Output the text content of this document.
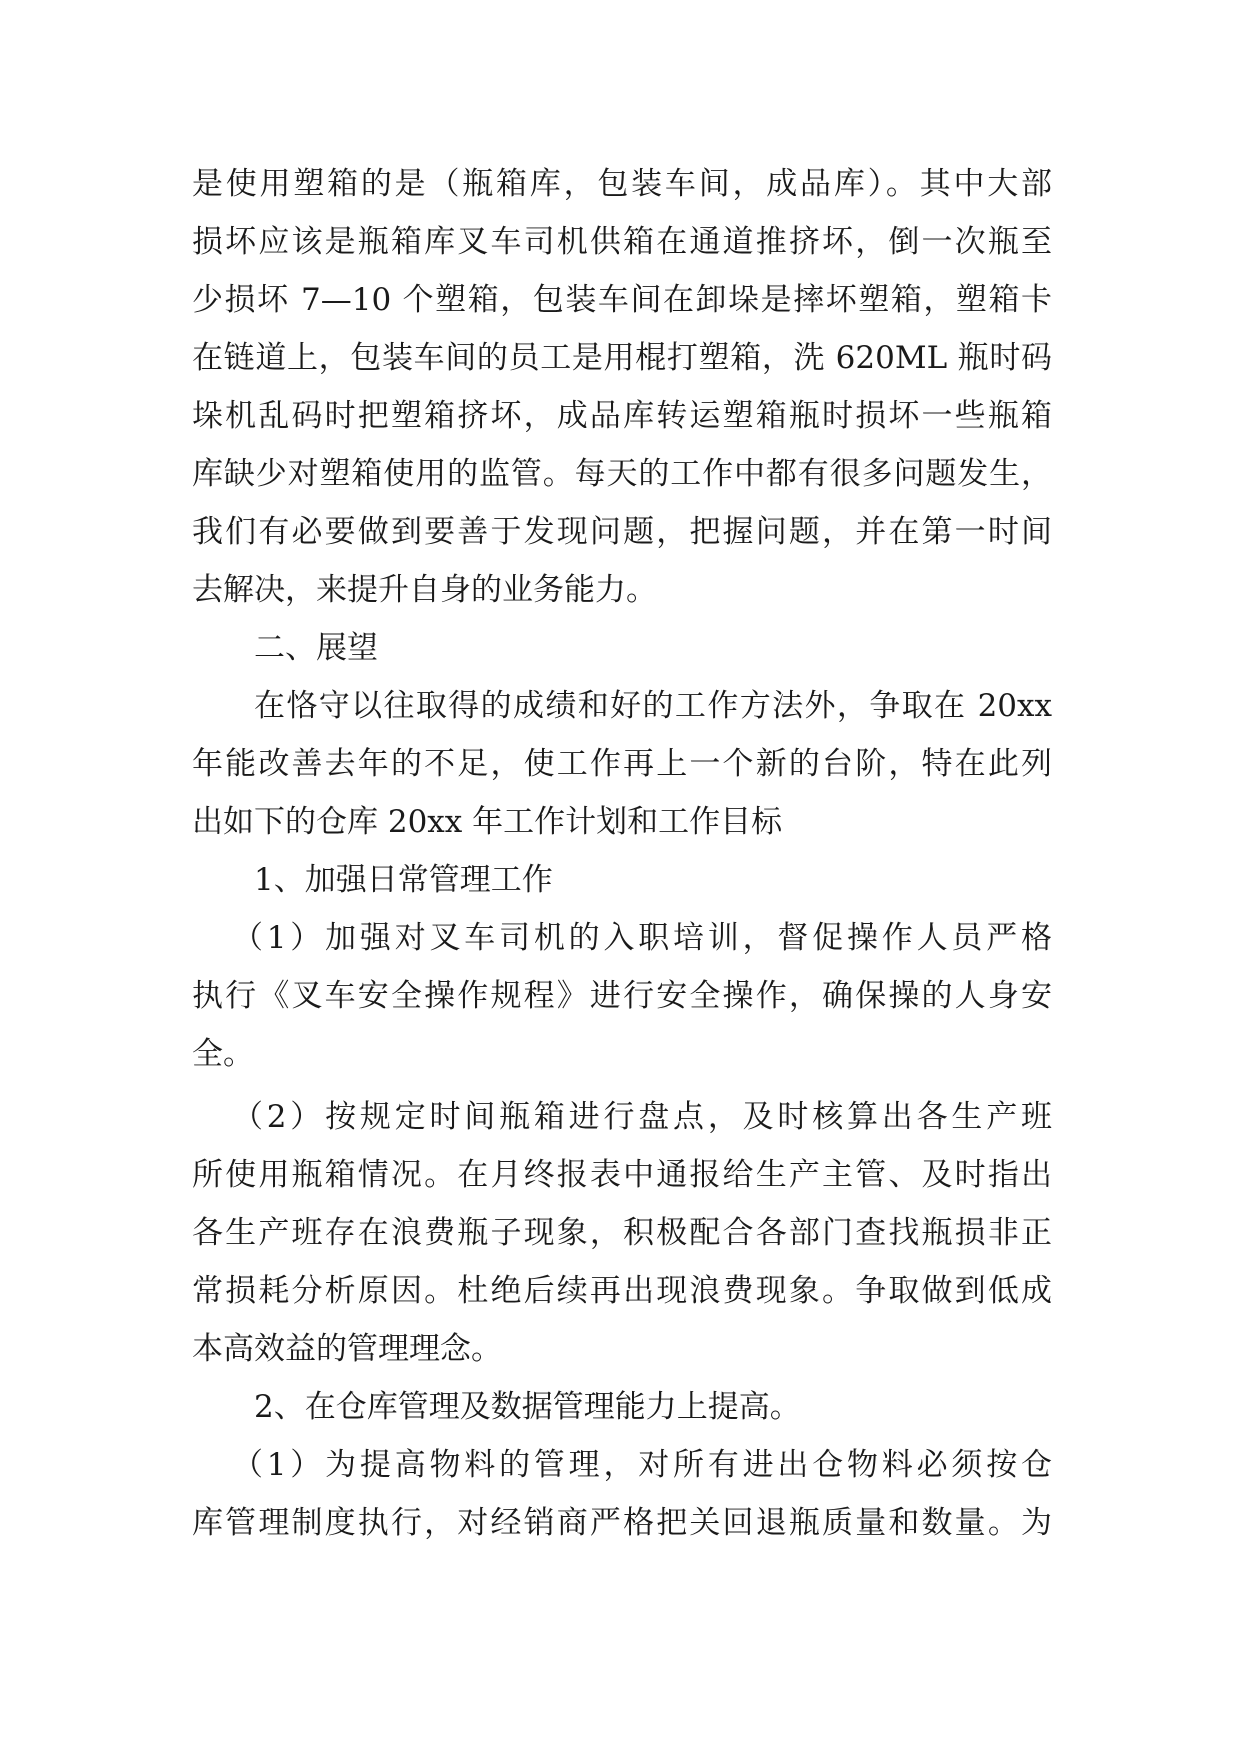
是使用塑箱的是（瓶箱库，包装车间，成品库）。其中大部
损坏应该是瓶箱库叉车司机供箱在通道推挤坏，倒一次瓶至
少损坏 7—10 个塑箱，包装车间在卸垛是摔坏塑箱，塑箱卡
在链道上，包装车间的员工是用棍打塑箱，洗 620ML 瓶时码
垛机乱码时把塑箱挤坏，成品库转运塑箱瓶时损坏一些瓶箱
库缺少对塑箱使用的监管。每天的工作中都有很多问题发生，
我们有必要做到要善于发现问题，把握问题，并在第一时间
去解决，来提升自身的业务能力。
二、展望
在恪守以往取得的成绩和好的工作方法外，争取在 20xx
年能改善去年的不足，使工作再上一个新的台阶，特在此列
出如下的仓库 20xx 年工作计划和工作目标
1、加强日常管理工作
（1）加强对叉车司机的入职培训，督促操作人员严格
执行《叉车安全操作规程》进行安全操作，确保操的人身安
全。
（2）按规定时间瓶箱进行盘点，及时核算出各生产班
所使用瓶箱情况。在月终报表中通报给生产主管、及时指出
各生产班存在浪费瓶子现象，积极配合各部门查找瓶损非正
常损耗分析原因。杜绝后续再出现浪费现象。争取做到低成
本高效益的管理理念。
2、在仓库管理及数据管理能力上提高。
（1）为提高物料的管理，对所有进出仓物料必须按仓
库管理制度执行，对经销商严格把关回退瓶质量和数量。为
